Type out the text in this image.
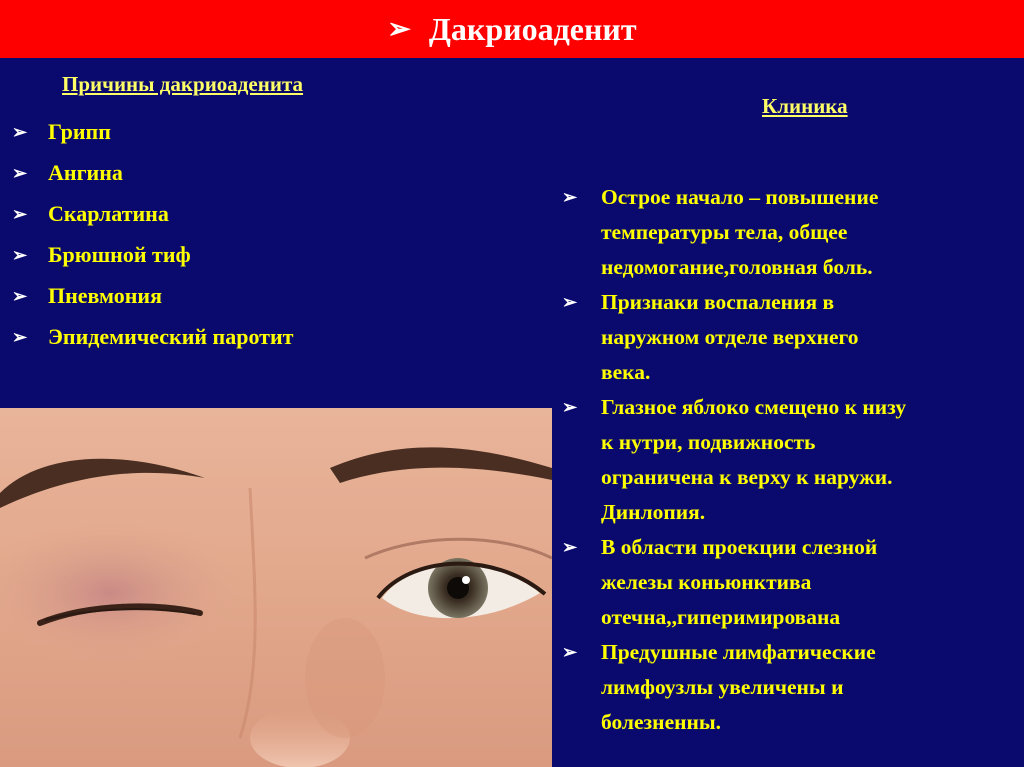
➢ Дакриоаденит
Причины дакриоаденита
➢ Грипп
➢ Ангина
➢ Скарлатина
➢ Брюшной тиф
➢ Пневмония
➢ Эпидемический паротит
Клиника
➢ Острое начало – повышение
температуры тела, общее
недомогание,головная боль.
➢ Признаки воспаления в
наружном отделе верхнего
века.
➢ Глазное яблоко смещено к низу
к нутри, подвижность
ограничена к верху к наружи.
Динлопия.
➢ В области проекции слезной
железы коньюнктива
отечна,,гиперимирована
➢ Предушные лимфатические
лимфоузлы увеличены и
болезненны.
